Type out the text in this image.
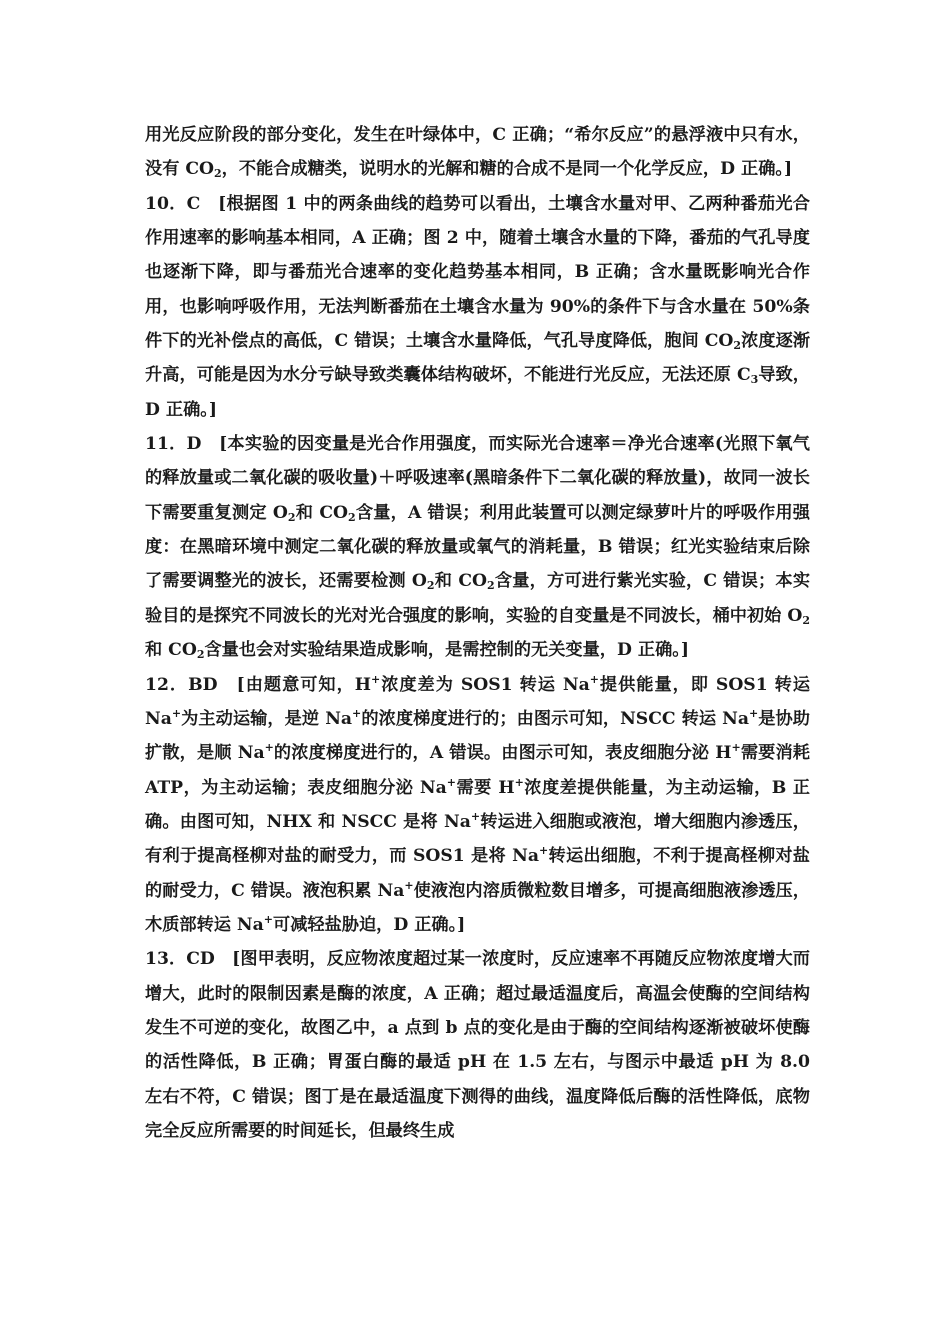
用光反应阶段的部分变化，发生在叶绿体中，C 正确；“希尔反应”的悬浮液中只有水，没有 $CO_2$，不能合成糖类，说明水的光解和糖的合成不是同一个化学反应，D 正确。]

10．C　[根据图 1 中的两条曲线的趋势可以看出，土壤含水量对甲、乙两种番茄光合作用速率的影响基本相同，A 正确；图 2 中，随着土壤含水量的下降，番茄的气孔导度也逐渐下降，即与番茄光合速率的变化趋势基本相同，B 正确；含水量既影响光合作用，也影响呼吸作用，无法判断番茄在土壤含水量为 90%的条件下与含水量在 50%条件下的光补偿点的高低，C 错误；土壤含水量降低，气孔导度降低，胞间 $CO_2$浓度逐渐升高，可能是因为水分亏缺导致类囊体结构破坏，不能进行光反应，无法还原 $C_3$导致，D 正确。]

11．D　[本实验的因变量是光合作用强度，而实际光合速率＝净光合速率(光照下氧气的释放量或二氧化碳的吸收量)＋呼吸速率(黑暗条件下二氧化碳的释放量)，故同一波长下需要重复测定 $O_2$和 $CO_2$含量，A 错误；利用此装置可以测定绿萝叶片的呼吸作用强度：在黑暗环境中测定二氧化碳的释放量或氧气的消耗量，B 错误；红光实验结束后除了需要调整光的波长，还需要检测 $O_2$和 $CO_2$含量，方可进行紫光实验，C 错误；本实验目的是探究不同波长的光对光合强度的影响，实验的自变量是不同波长，桶中初始 $O_2$和 $CO_2$含量也会对实验结果造成影响，是需控制的无关变量，D 正确。]

12．BD　[由题意可知，H+浓度差为 SOS1 转运 Na+提供能量，即 SOS1 转运 Na+为主动运输，是逆 Na+的浓度梯度进行的；由图示可知，NSCC 转运 Na+是协助扩散，是顺 Na+的浓度梯度进行的，A 错误。由图示可知，表皮细胞分泌 H+需要消耗 ATP，为主动运输；表皮细胞分泌 Na+需要 H+浓度差提供能量，为主动运输，B 正确。由图可知，NHX 和 NSCC 是将 Na+转运进入细胞或液泡，增大细胞内渗透压，有利于提高柽柳对盐的耐受力，而 SOS1 是将 Na+转运出细胞，不利于提高柽柳对盐的耐受力，C 错误。液泡积累 Na+使液泡内溶质微粒数目增多，可提高细胞液渗透压，木质部转运 Na+可减轻盐胁迫，D 正确。]

13．CD　[图甲表明，反应物浓度超过某一浓度时，反应速率不再随反应物浓度增大而增大，此时的限制因素是酶的浓度，A 正确；超过最适温度后，高温会使酶的空间结构发生不可逆的变化，故图乙中，a 点到 b 点的变化是由于酶的空间结构逐渐被破坏使酶的活性降低，B 正确；胃蛋白酶的最适 pH 在 1.5 左右，与图示中最适 pH 为 8.0 左右不符，C 错误；图丁是在最适温度下测得的曲线，温度降低后酶的活性降低，底物完全反应所需要的时间延长，但最终生成
